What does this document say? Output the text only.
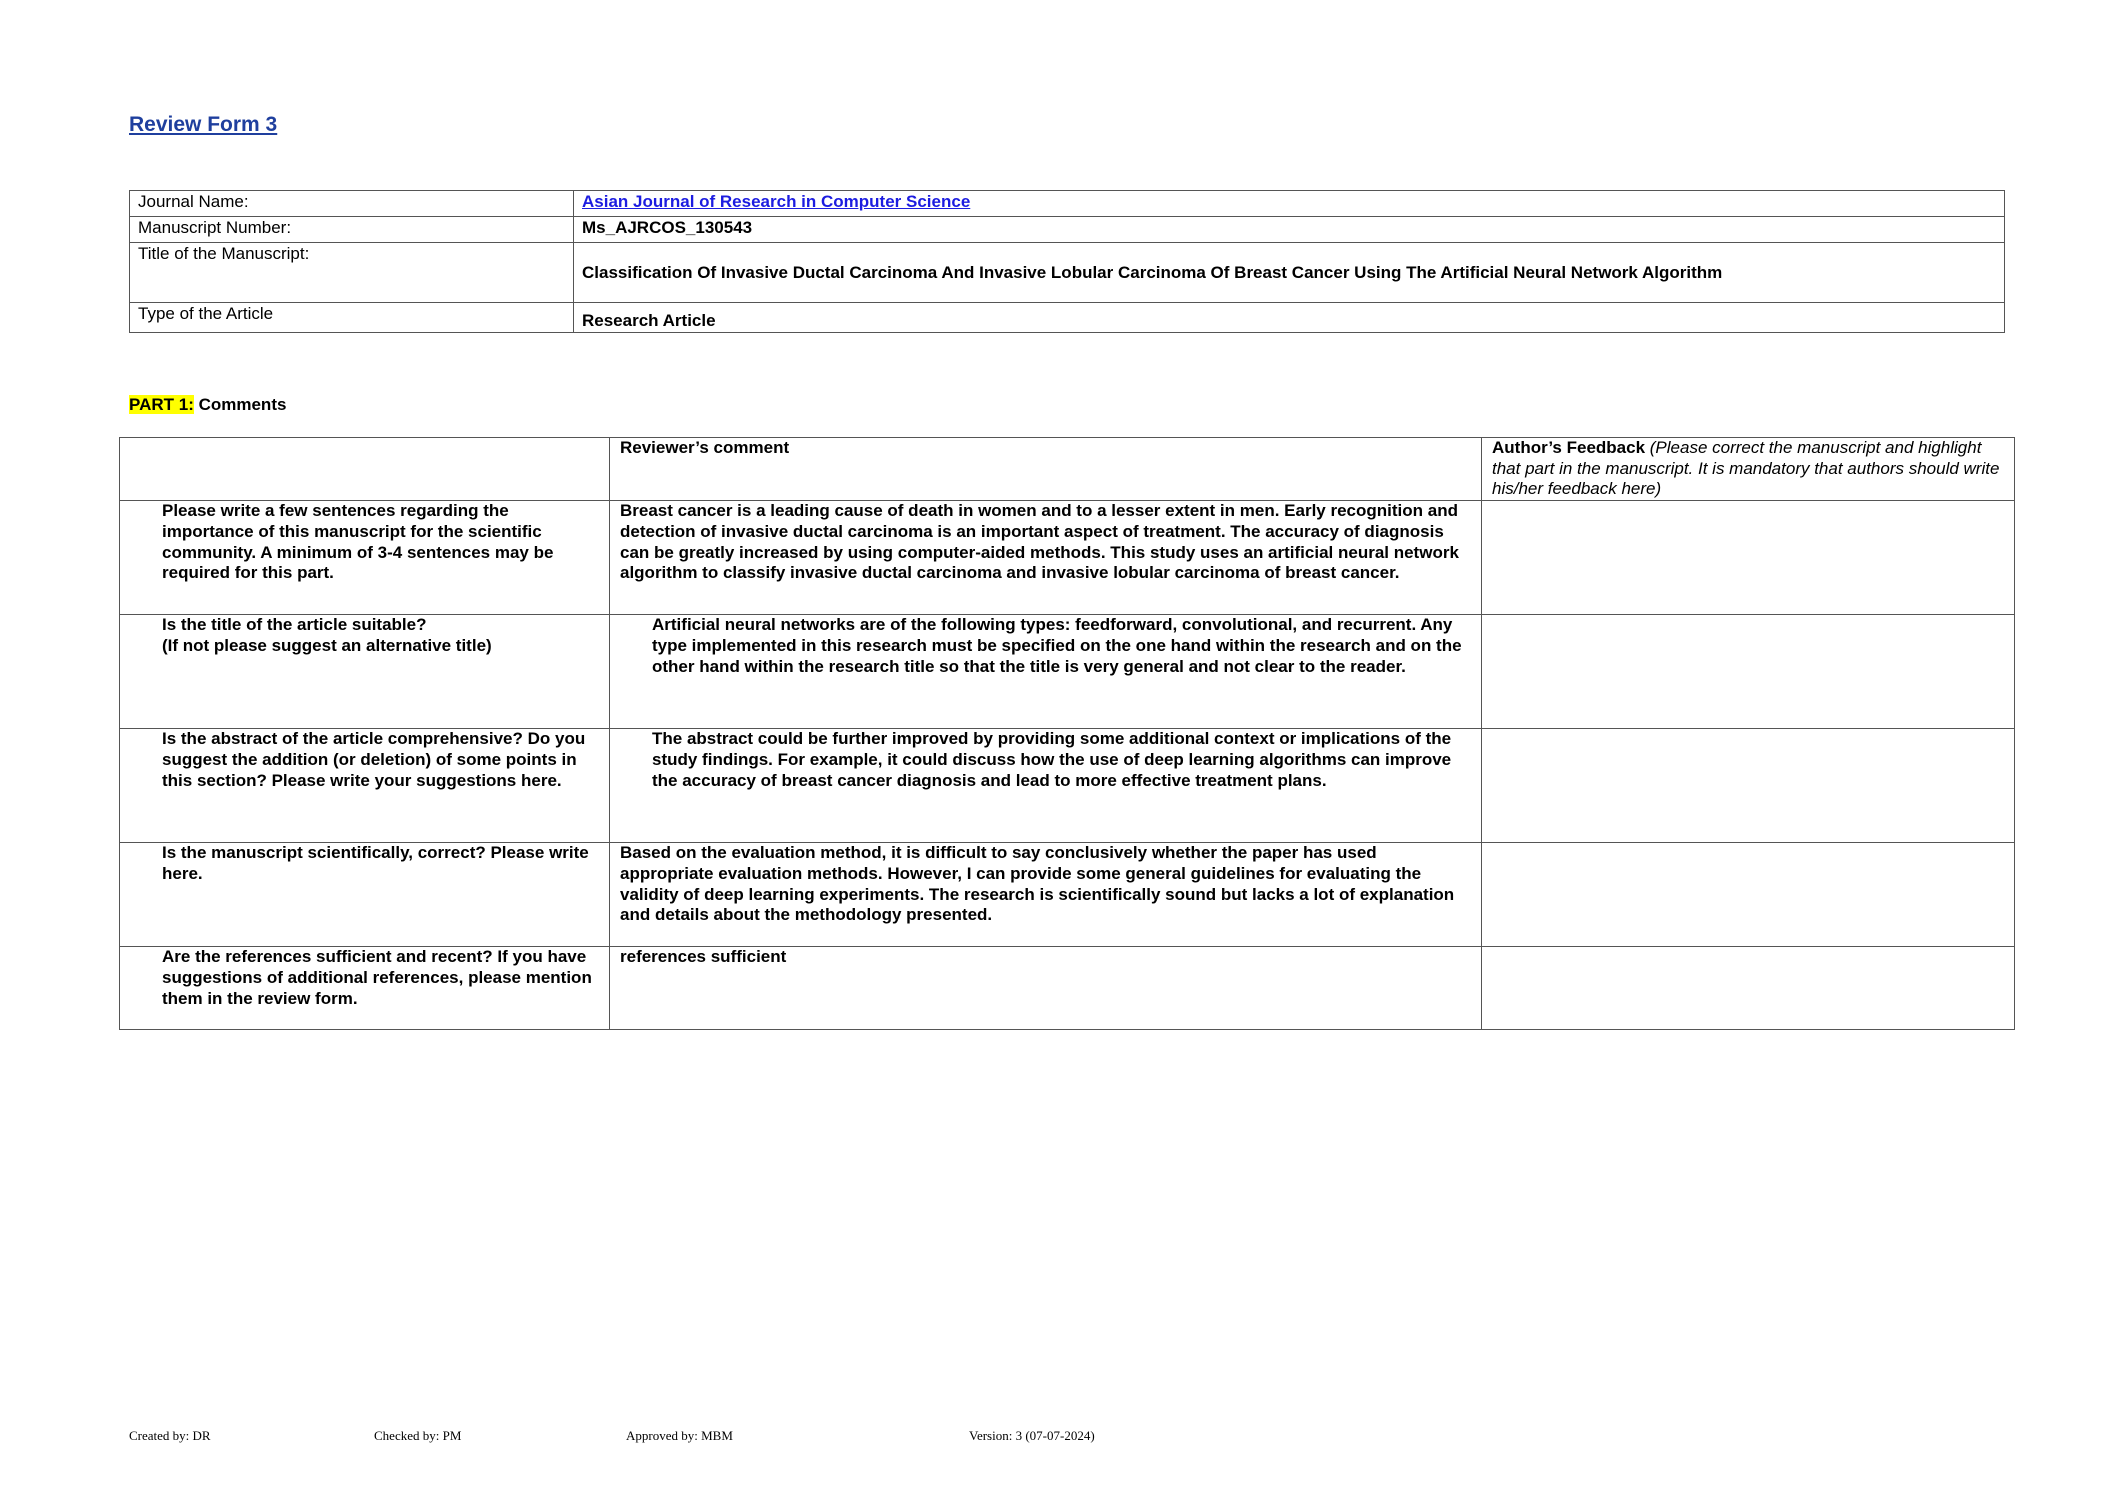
Review Form 3
Journal Name:	Asian Journal of Research in Computer Science
Manuscript Number:	Ms_AJRCOS_130543
Title of the Manuscript:	Classification Of Invasive Ductal Carcinoma And Invasive Lobular Carcinoma Of Breast Cancer Using The Artificial Neural Network Algorithm
Type of the Article	Research Article
PART 1: Comments
	Reviewer’s comment	Author’s Feedback (Please correct the manuscript and highlight that part in the manuscript. It is mandatory that authors should write his/her feedback here)
Please write a few sentences regarding the importance of this manuscript for the scientific community. A minimum of 3-4 sentences may be required for this part.	Breast cancer is a leading cause of death in women and to a lesser extent in men. Early recognition and detection of invasive ductal carcinoma is an important aspect of treatment. The accuracy of diagnosis can be greatly increased by using computer-aided methods. This study uses an artificial neural network algorithm to classify invasive ductal carcinoma and invasive lobular carcinoma of breast cancer.	
Is the title of the article suitable?
(If not please suggest an alternative title)	Artificial neural networks are of the following types: feedforward, convolutional, and recurrent. Any type implemented in this research must be specified on the one hand within the research and on the other hand within the research title so that the title is very general and not clear to the reader.	
Is the abstract of the article comprehensive? Do you suggest the addition (or deletion) of some points in this section? Please write your suggestions here.	The abstract could be further improved by providing some additional context or implications of the study findings. For example, it could discuss how the use of deep learning algorithms can improve the accuracy of breast cancer diagnosis and lead to more effective treatment plans.	
Is the manuscript scientifically, correct? Please write here.	Based on the evaluation method, it is difficult to say conclusively whether the paper has used appropriate evaluation methods. However, I can provide some general guidelines for evaluating the validity of deep learning experiments. The research is scientifically sound but lacks a lot of explanation and details about the methodology presented.	
Are the references sufficient and recent? If you have suggestions of additional references, please mention them in the review form.	references sufficient	
Created by: DR	Checked by: PM	Approved by: MBM	Version: 3 (07-07-2024)
